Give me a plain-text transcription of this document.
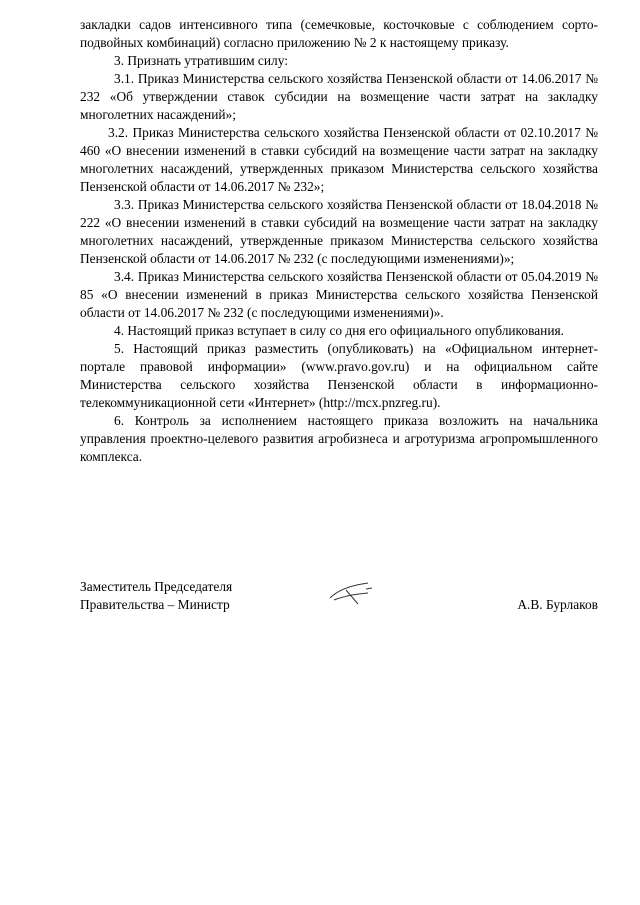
закладки садов интенсивного типа (семечковые, косточковые с соблюдением сорто-подвойных комбинаций) согласно приложению № 2 к настоящему приказу.

3. Признать утратившим силу:

3.1. Приказ Министерства сельского хозяйства Пензенской области от 14.06.2017 № 232 «Об утверждении ставок субсидии на возмещение части затрат на закладку многолетних насаждений»;

3.2. Приказ Министерства сельского хозяйства Пензенской области от 02.10.2017 № 460 «О внесении изменений в ставки субсидий на возмещение части затрат на закладку многолетних насаждений, утвержденных приказом Министерства сельского хозяйства Пензенской области от 14.06.2017 № 232»;

3.3. Приказ Министерства сельского хозяйства Пензенской области от 18.04.2018 № 222 «О внесении изменений в ставки субсидий на возмещение части затрат на закладку многолетних насаждений, утвержденные приказом Министерства сельского хозяйства Пензенской области от 14.06.2017 № 232 (с последующими изменениями)»;

3.4. Приказ Министерства сельского хозяйства Пензенской области от 05.04.2019 № 85 «О внесении изменений в приказ Министерства сельского хозяйства Пензенской области от 14.06.2017 № 232 (с последующими изменениями)».

4. Настоящий приказ вступает в силу со дня его официального опубликования.

5. Настоящий приказ разместить (опубликовать) на «Официальном интернет-портале правовой информации» (www.pravo.gov.ru) и на официальном сайте Министерства сельского хозяйства Пензенской области в информационно-телекоммуникационной сети «Интернет» (http://mcx.pnzreg.ru).

6. Контроль за исполнением настоящего приказа возложить на начальника управления проектно-целевого развития агробизнеса и агротуризма агропромышленного комплекса.

Заместитель Председателя
Правительства – Министр	А.В. Бурлаков
